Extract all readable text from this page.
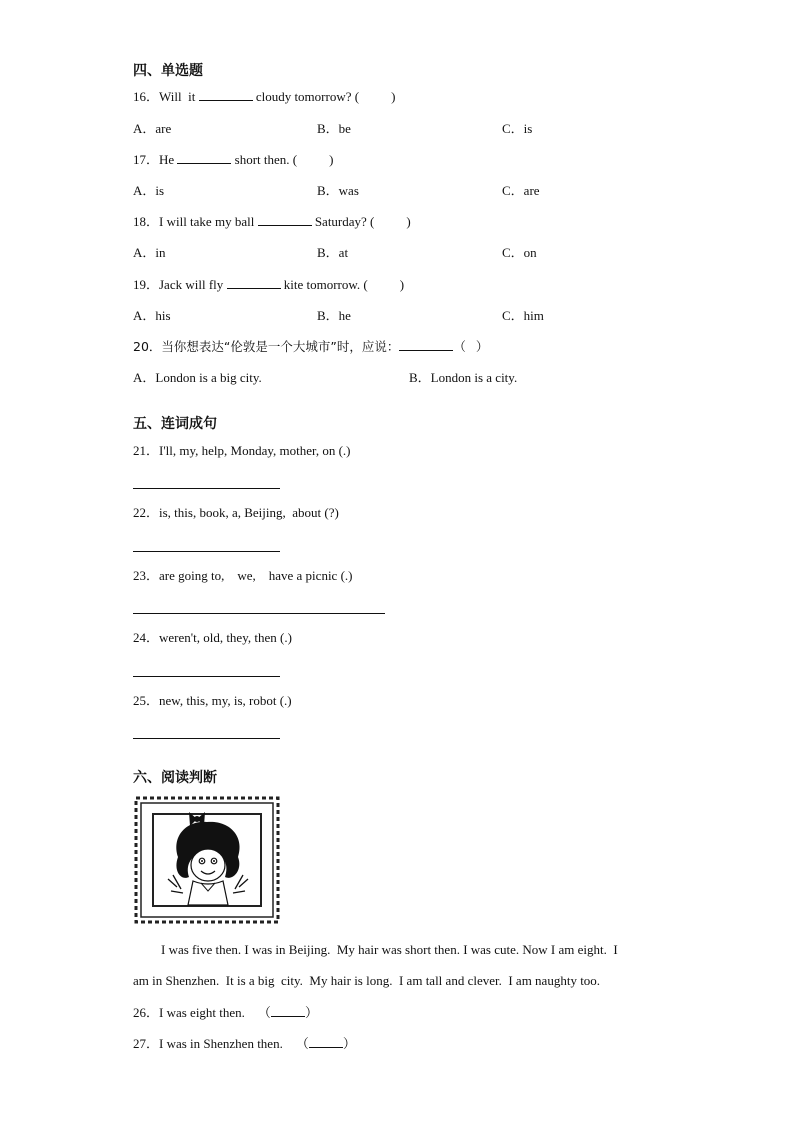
四、单选题
16．Will  it	cloudy tomorrow? ( )
A．are	B．be	C．is
17．He	short then. ( )
A．is	B．was	C．are
18．I will take my ball	Saturday? ( )
A．in	B．at	C．on
19．Jack will fly	kite tomorrow. ( )
A．his	B．he	C．him
20．当你想表达“伦敦是一个大城市”时，应说：	（ ）
A．London is a big city.	B．London is a city.
五、连词成句
21．I'll, my, help, Monday, mother, on (.)
22．is, this, book, a, Beijing,  about (?)
23．are going to,    we,    have a picnic (.)
24．weren't, old, they, then (.)
25．new, this, my, is, robot (.)
六、阅读判断
I was five then. I was in Beijing.  My hair was short then. I was cute. Now I am eight.  I
am in Shenzhen.  It is a big  city.  My hair is long.  I am tall and clever.  I am naughty too.
26．I was eight then.    （	）
27．I was in Shenzhen then.    （	）
